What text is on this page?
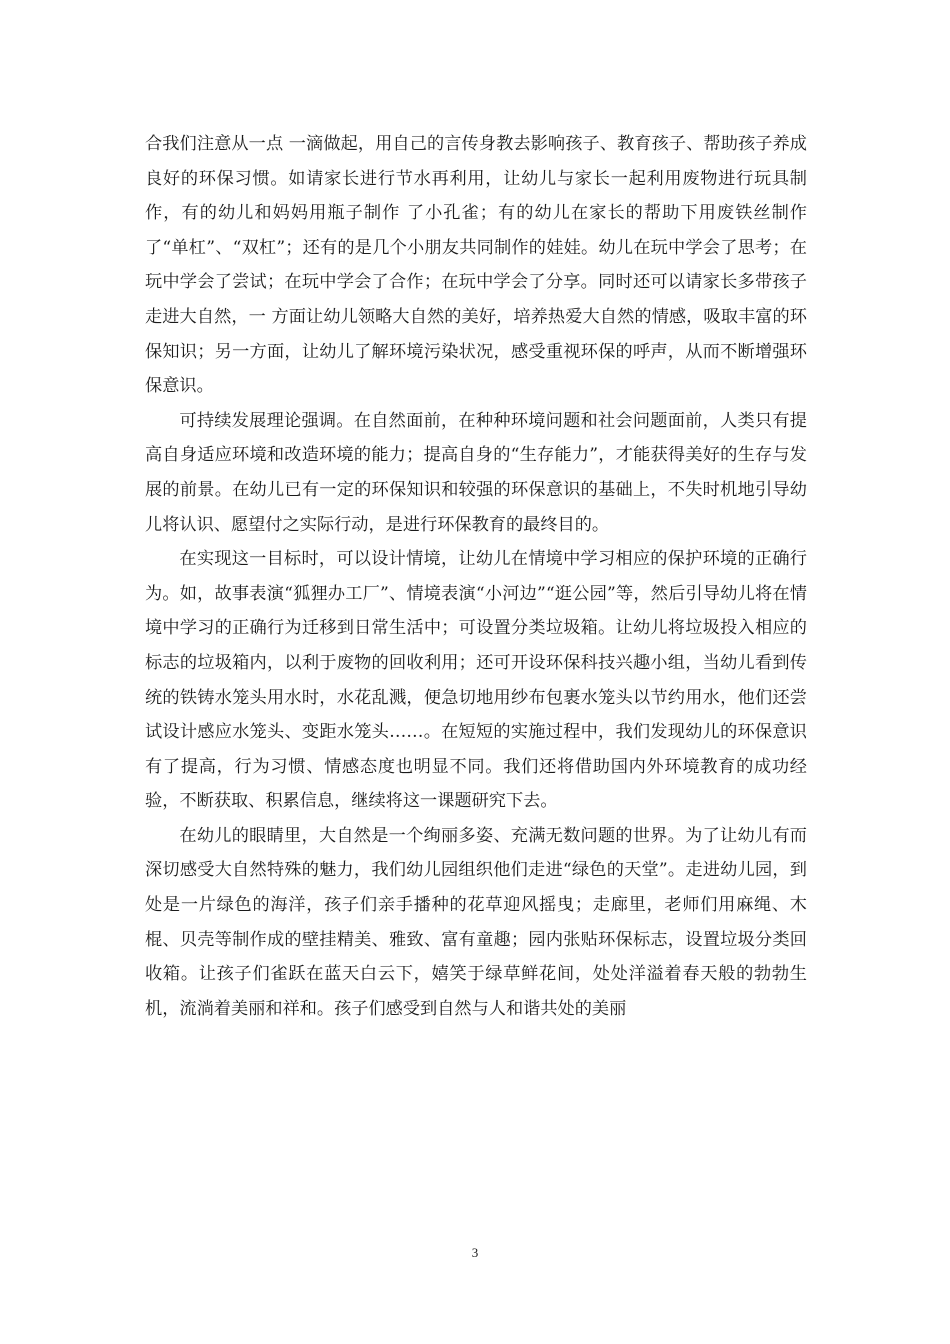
合我们注意从一点 一滴做起，用自己的言传身教去影响孩子、教育孩子、帮助孩子养成良好的环保习惯。如请家长进行节水再利用，让幼儿与家长一起利用废物进行玩具制作，有的幼儿和妈妈用瓶子制作 了小孔雀；有的幼儿在家长的帮助下用废铁丝制作了“单杠”、“双杠”；还有的是几个小朋友共同制作的娃娃。幼儿在玩中学会了思考；在玩中学会了尝试；在玩中学会了合作；在玩中学会了分享。同时还可以请家长多带孩子走进大自然，一 方面让幼儿领略大自然的美好，培养热爱大自然的情感，吸取丰富的环保知识；另一方面，让幼儿了解环境污染状况，感受重视环保的呼声，从而不断增强环保意识。

可持续发展理论强调。在自然面前，在种种环境问题和社会问题面前，人类只有提高自身适应环境和改造环境的能力；提高自身的“生存能力”，才能获得美好的生存与发展的前景。在幼儿已有一定的环保知识和较强的环保意识的基础上，不失时机地引导幼儿将认识、愿望付之实际行动，是进行环保教育的最终目的。

在实现这一目标时，可以设计情境，让幼儿在情境中学习相应的保护环境的正确行为。如，故事表演“狐狸办工厂”、情境表演“小河边”“逛公园”等，然后引导幼儿将在情境中学习的正确行为迁移到日常生活中；可设置分类垃圾箱。让幼儿将垃圾投入相应的标志的垃圾箱内，以利于废物的回收利用；还可开设环保科技兴趣小组，当幼儿看到传统的铁铸水笼头用水时，水花乱溅，便急切地用纱布包裹水笼头以节约用水，他们还尝试设计感应水笼头、变距水笼头……。在短短的实施过程中，我们发现幼儿的环保意识有了提高，行为习惯、情感态度也明显不同。我们还将借助国内外环境教育的成功经验，不断获取、积累信息，继续将这一课题研究下去。

在幼儿的眼睛里，大自然是一个绚丽多姿、充满无数问题的世界。为了让幼儿有而深切感受大自然特殊的魅力，我们幼儿园组织他们走进“绿色的天堂”。走进幼儿园，到处是一片绿色的海洋，孩子们亲手播种的花草迎风摇曳；走廊里，老师们用麻绳、木棍、贝壳等制作成的壁挂精美、雅致、富有童趣；园内张贴环保标志，设置垃圾分类回收箱。让孩子们雀跃在蓝天白云下，嬉笑于绿草鲜花间，处处洋溢着春天般的勃勃生机，流淌着美丽和祥和。孩子们感受到自然与人和谐共处的美丽

3
